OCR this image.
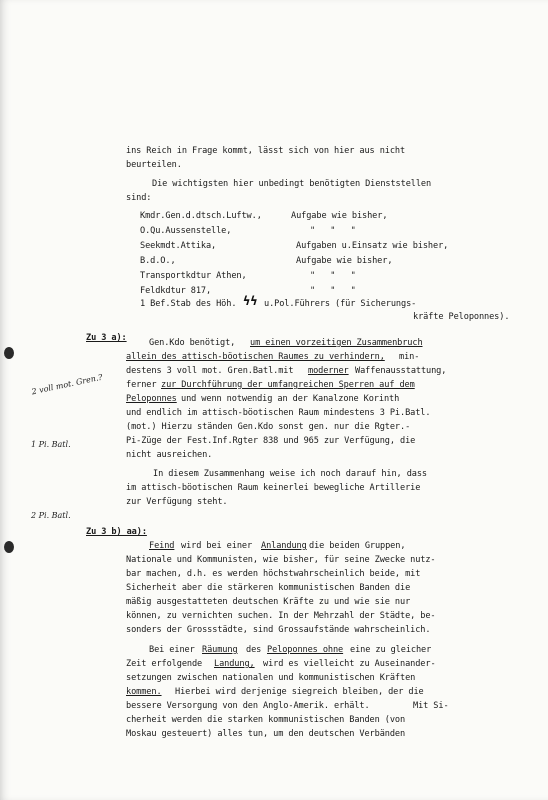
ins Reich in Frage kommt, lässt sich von hier aus nicht
beurteilen.
Die wichtigsten hier unbedingt benötigten Dienststellen
sind:
Kmdr.Gen.d.dtsch.Luftw.,	Aufgabe wie bisher,
O.Qu.Aussenstelle,	"   "   "
Seekmdt.Attika,	Aufgaben u.Einsatz wie bisher,
B.d.O.,	Aufgabe wie bisher,
Transportkdtur Athen,	"   "   "
Feldkdtur 817,	"   "   "
1 Bef.Stab des Höh. ϟϟ u.Pol.Führers (für Sicherungs-
kräfte Peloponnes).
Zu 3 a):	Gen.Kdo benötigt, um einen vorzeitigen Zusammenbruch
allein des attisch-böotischen Raumes zu verhindern, min-
destens 3 voll mot. Gren.Batl.mit moderner Waffenausstattung,
ferner zur Durchführung der umfangreichen Sperren auf dem
Peloponnes und wenn notwendig an der Kanalzone Korinth
und endlich im attisch-böotischen Raum mindestens 3 Pi.Batl.
(mot.) Hierzu ständen Gen.Kdo sonst gen. nur die Rgter.-
Pi-Züge der Fest.Inf.Rgter 838 und 965 zur Verfügung, die
nicht ausreichen.
In diesem Zusammenhang weise ich noch darauf hin, dass
im attisch-böotischen Raum keinerlei bewegliche Artillerie
zur Verfügung steht.
Zu 3 b) aa):
Feind wird bei einer Anlandung die beiden Gruppen,
Nationale und Kommunisten, wie bisher, für seine Zwecke nutz-
bar machen, d.h. es werden höchstwahrscheinlich beide, mit
Sicherheit aber die stärkeren kommunistischen Banden die
mäßig ausgestatteten deutschen Kräfte zu und wie sie nur
können, zu vernichten suchen. In der Mehrzahl der Städte, be-
sonders der Grossstädte, sind Grossaufstände wahrscheinlich.
Bei einer Räumung des Peloponnes ohne eine zu gleicher
Zeit erfolgende Landung, wird es vielleicht zu Auseinander-
setzungen zwischen nationalen und kommunistischen Kräften
kommen. Hierbei wird derjenige siegreich bleiben, der die
bessere Versorgung von den Anglo-Amerik. erhält.	Mit Si-
cherheit werden die starken kommunistischen Banden (von
Moskau gesteuert) alles tun, um den deutschen Verbänden
2 voll mot. Gren.?
1 Pi. Batl.
2 Pi. Batl.
